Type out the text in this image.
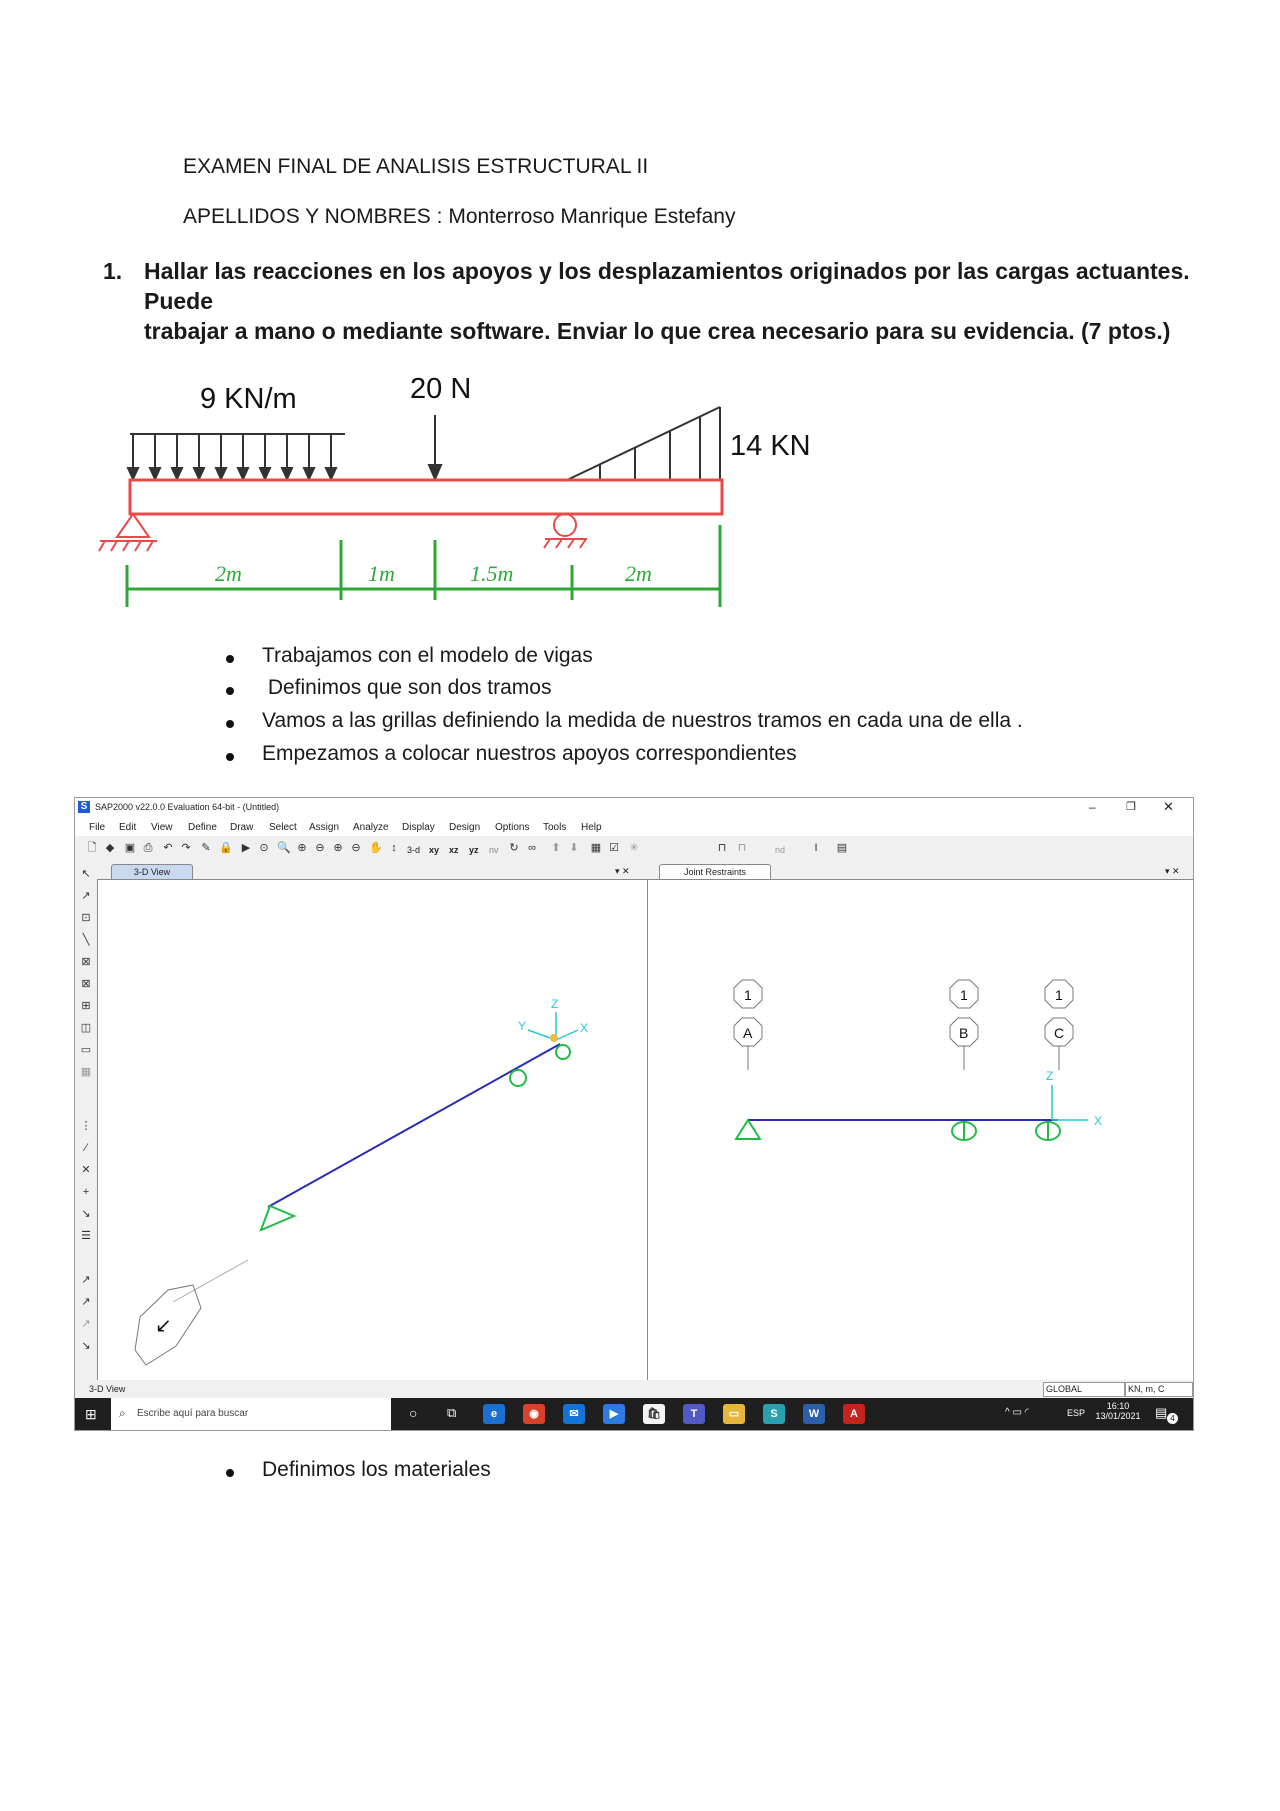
EXAMEN FINAL DE ANALISIS ESTRUCTURAL II
APELLIDOS Y NOMBRES : Monterroso Manrique Estefany
1. Hallar las reacciones en los apoyos y los desplazamientos originados por las cargas actuantes. Puede
trabajar a mano o mediante software. Enviar lo que crea necesario para su evidencia. (7 ptos.)
9 KN/m	20 N
14 KN
2m	1m	1.5m	2m
Trabajamos con el modelo de vigas
Definimos que son dos tramos
Vamos a las grillas definiendo la medida de nuestros tramos en cada una de ella .
Empezamos a colocar nuestros apoyos correspondientes
S SAP2000 v22.0.0 Evaluation 64-bit - (Untitled)	–	❐ ✕
File Edit View Define Draw Select Assign Analyze Display Design Options Tools Help
🗋 ◆ ▣ ⎙ ↶ ↷ ✎ 🔒 ▶ ⊙ 🔍 ⊕ ⊖ ⊕ ⊖ ✋ ↕	3-d xy xz yz nv ↻ ∞ ⬆ ⬇ ▦ ☑ ✳	⊓ ⊓	nd	I	▤
↖
↗
⊡
╲
⊠
⊠
⊞
◫
▭
▦
⋮
∕
✕
+
↘
☰
↗
↗
↗
↘
3-D View	▾ ✕
↙
Z
Y	X
Joint Restraints	▾ ✕
1
A
1
B
1
C
Z
X
3-D View	GLOBAL	KN, m, C
⊞	⌕ Escribe aquí para buscar	○ ⧉	e	◉	✉	▶	🛍	T	▭	S	W	A	^ ▭ ◜	ESP
16:10
13/01/2021 ▤ 4
Definimos los materiales
